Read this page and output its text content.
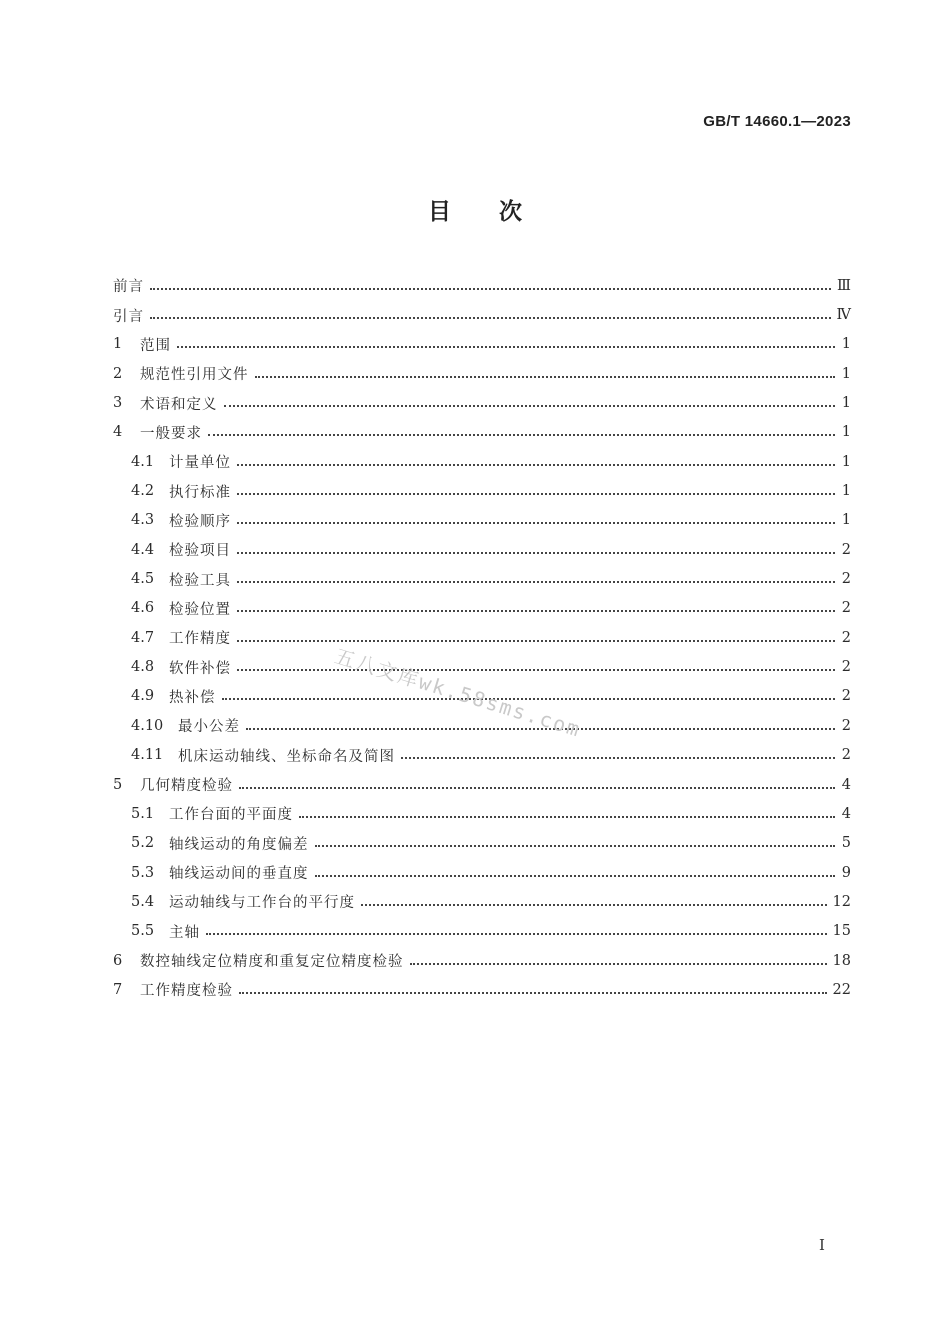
GB/T 14660.1—2023
目次
前言	Ⅲ
引言	Ⅳ
1	范围	1
2	规范性引用文件	1
3	术语和定义	1
4	一般要求	1
4.1	计量单位	1
4.2	执行标准	1
4.3	检验顺序	1
4.4	检验项目	2
4.5	检验工具	2
4.6	检验位置	2
4.7	工作精度	2
4.8	软件补偿	2
4.9	热补偿	2
4.10	最小公差	2
4.11	机床运动轴线、坐标命名及简图	2
5	几何精度检验	4
5.1	工作台面的平面度	4
5.2	轴线运动的角度偏差	5
5.3	轴线运动间的垂直度	9
5.4	运动轴线与工作台的平行度	12
5.5	主轴	15
6	数控轴线定位精度和重复定位精度检验	18
7	工作精度检验	22
五八文库wk.58sms.com
I
